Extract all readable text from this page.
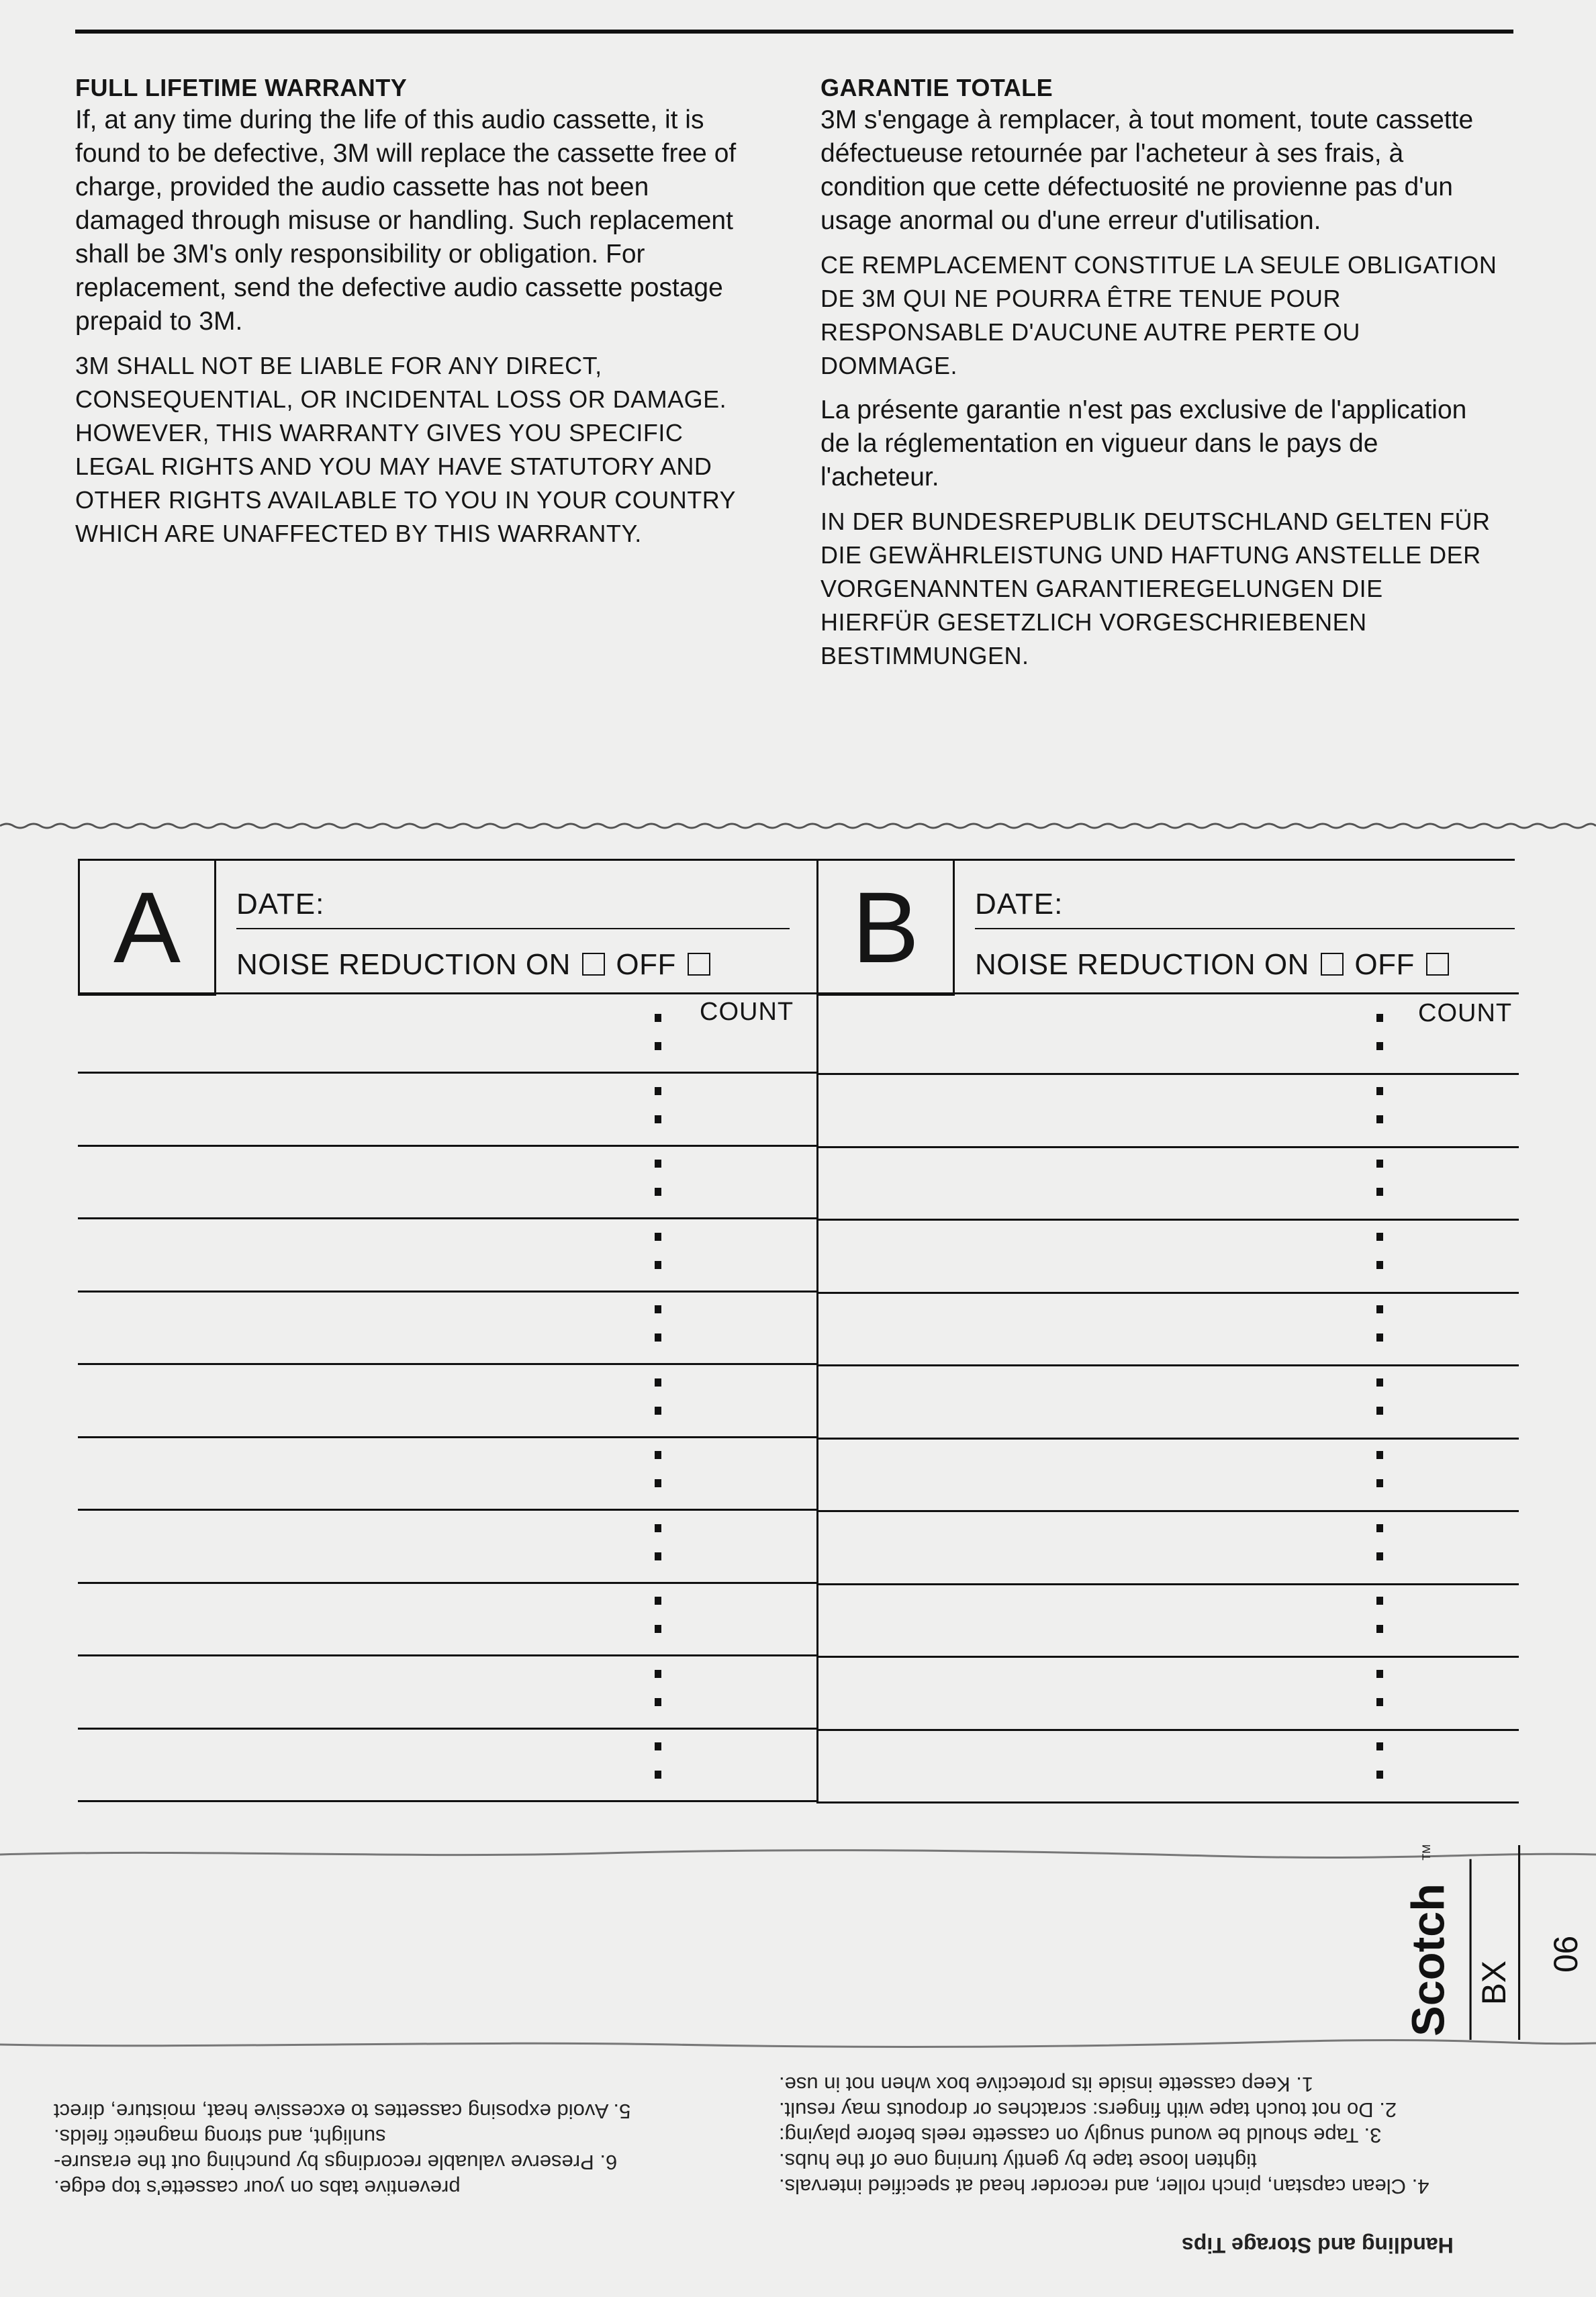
FULL LIFETIME WARRANTY

If, at any time during the life of this audio cassette, it is found to be defective, 3M will replace the cassette free of charge, provided the audio cassette has not been damaged through misuse or handling. Such replacement shall be 3M's only responsibility or obligation. For replacement, send the defective audio cassette postage prepaid to 3M.

3M SHALL NOT BE LIABLE FOR ANY DIRECT, CONSEQUENTIAL, OR INCIDENTAL LOSS OR DAMAGE. HOWEVER, THIS WARRANTY GIVES YOU SPECIFIC LEGAL RIGHTS AND YOU MAY HAVE STATUTORY AND OTHER RIGHTS AVAILABLE TO YOU IN YOUR COUNTRY WHICH ARE UNAFFECTED BY THIS WARRANTY.

GARANTIE TOTALE

3M s'engage à remplacer, à tout moment, toute cassette défectueuse retournée par l'acheteur à ses frais, à condition que cette défectuosité ne provienne pas d'un usage anormal ou d'une erreur d'utilisation.

CE REMPLACEMENT CONSTITUE LA SEULE OBLIGATION DE 3M QUI NE POURRA ÊTRE TENUE POUR RESPONSABLE D'AUCUNE AUTRE PERTE OU DOMMAGE.

La présente garantie n'est pas exclusive de l'application de la réglementation en vigueur dans le pays de l'acheteur.

IN DER BUNDESREPUBLIK DEUTSCHLAND GELTEN FÜR DIE GEWÄHRLEISTUNG UND HAFTUNG ANSTELLE DER VORGENANNTEN GARANTIEREGELUNGEN DIE HIERFÜR GESETZLICH VORGESCHRIEBENEN BESTIMMUNGEN.

A	DATE:
NOISE REDUCTION ON OFF	B	DATE:
NOISE REDUCTION ON OFF
COUNT	COUNT
Scotch
TM
BX
90
Handling and Storage Tips
4. Clean capstan, pinch roller, and recorder head at specified intervals.
tighten loose tape by gently turning one of the hubs.
3. Tape should be wound snugly on cassette reels before playing:
2. Do not touch tape with fingers: scratches or dropouts may result.
1. Keep cassette inside its protective box when not in use.
preventive tabs on your cassette's top edge.
6. Preserve valuable recordings by punching out the erasure-
sunlight, and strong magnetic fields.
5. Avoid exposing cassettes to excessive heat, moisture, direct
